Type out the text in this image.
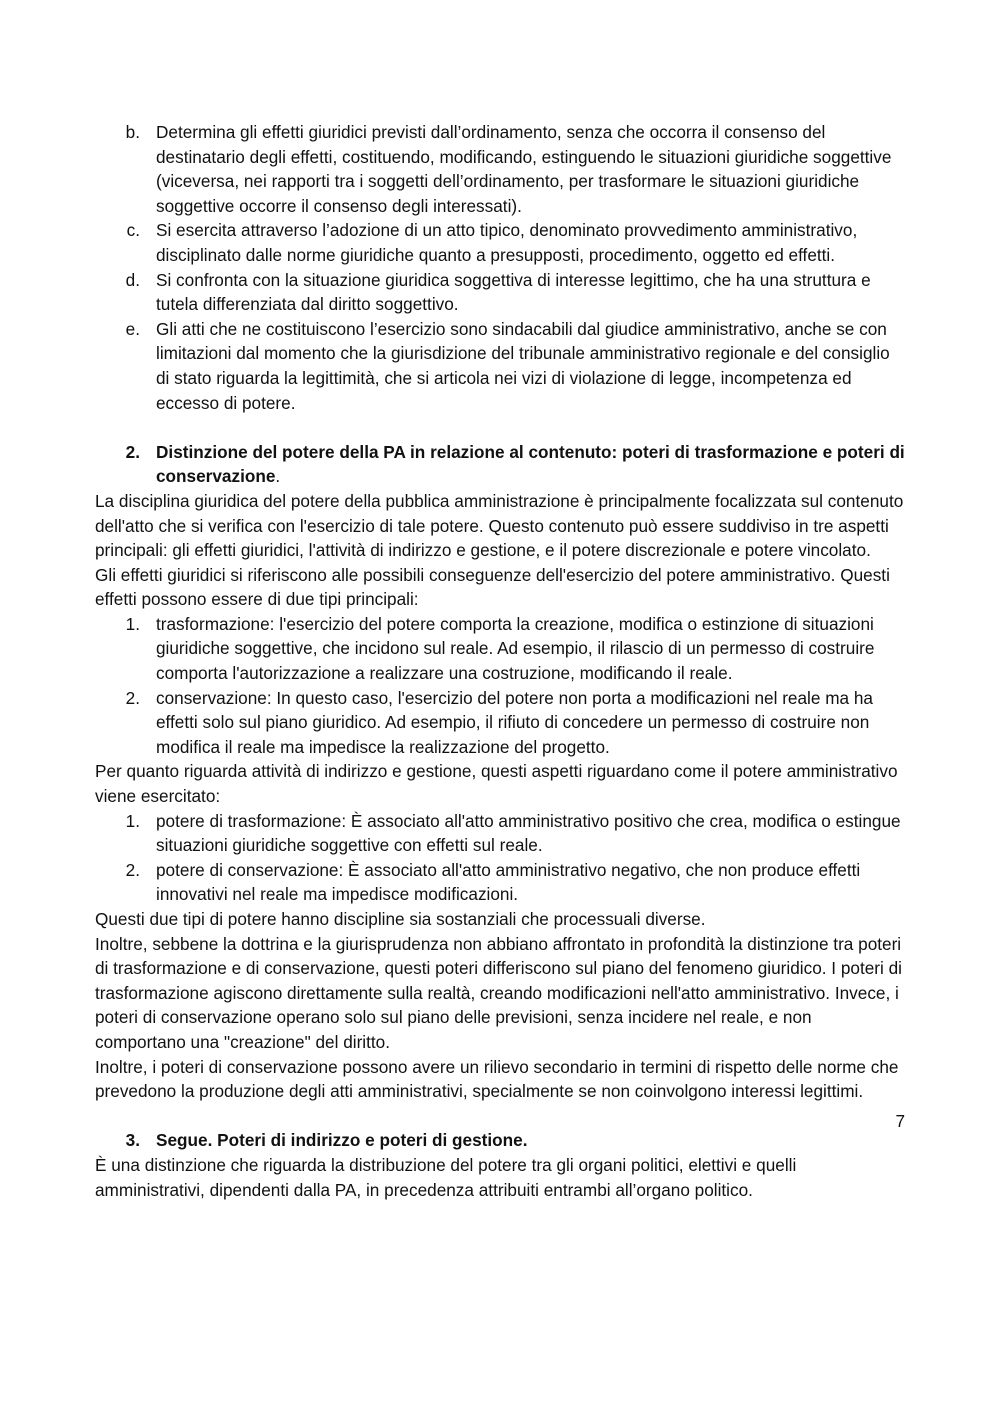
b. Determina gli effetti giuridici previsti dall’ordinamento, senza che occorra il consenso del destinatario degli effetti, costituendo, modificando, estinguendo le situazioni giuridiche soggettive (viceversa, nei rapporti tra i soggetti dell’ordinamento, per trasformare le situazioni giuridiche soggettive occorre il consenso degli interessati).
c. Si esercita attraverso l’adozione di un atto tipico, denominato provvedimento amministrativo, disciplinato dalle norme giuridiche quanto a presupposti, procedimento, oggetto ed effetti.
d. Si confronta con la situazione giuridica soggettiva di interesse legittimo, che ha una struttura e tutela differenziata dal diritto soggettivo.
e. Gli atti che ne costituiscono l’esercizio sono sindacabili dal giudice amministrativo, anche se con limitazioni dal momento che la giurisdizione del tribunale amministrativo regionale e del consiglio di stato riguarda la legittimità, che si articola nei vizi di violazione di legge, incompetenza ed eccesso di potere.
2. Distinzione del potere della PA in relazione al contenuto: poteri di trasformazione e poteri di conservazione.

La disciplina giuridica del potere della pubblica amministrazione è principalmente focalizzata sul contenuto dell'atto che si verifica con l'esercizio di tale potere. Questo contenuto può essere suddiviso in tre aspetti principali: gli effetti giuridici, l'attività di indirizzo e gestione, e il potere discrezionale e potere vincolato.

Gli effetti giuridici si riferiscono alle possibili conseguenze dell'esercizio del potere amministrativo. Questi effetti possono essere di due tipi principali:

1. trasformazione: l'esercizio del potere comporta la creazione, modifica o estinzione di situazioni giuridiche soggettive, che incidono sul reale. Ad esempio, il rilascio di un permesso di costruire comporta l'autorizzazione a realizzare una costruzione, modificando il reale.
2. conservazione: In questo caso, l'esercizio del potere non porta a modificazioni nel reale ma ha effetti solo sul piano giuridico. Ad esempio, il rifiuto di concedere un permesso di costruire non modifica il reale ma impedisce la realizzazione del progetto.

Per quanto riguarda attività di indirizzo e gestione, questi aspetti riguardano come il potere amministrativo viene esercitato:

1. potere di trasformazione: È associato all'atto amministrativo positivo che crea, modifica o estingue situazioni giuridiche soggettive con effetti sul reale.
2. potere di conservazione: È associato all'atto amministrativo negativo, che non produce effetti innovativi nel reale ma impedisce modificazioni.

Questi due tipi di potere hanno discipline sia sostanziali che processuali diverse.

Inoltre, sebbene la dottrina e la giurisprudenza non abbiano affrontato in profondità la distinzione tra poteri di trasformazione e di conservazione, questi poteri differiscono sul piano del fenomeno giuridico. I poteri di trasformazione agiscono direttamente sulla realtà, creando modificazioni nell'atto amministrativo. Invece, i poteri di conservazione operano solo sul piano delle previsioni, senza incidere nel reale, e non comportano una "creazione" del diritto.

Inoltre, i poteri di conservazione possono avere un rilievo secondario in termini di rispetto delle norme che prevedono la produzione degli atti amministrativi, specialmente se non coinvolgono interessi legittimi.

3. Segue. Poteri di indirizzo e poteri di gestione.

È una distinzione che riguarda la distribuzione del potere tra gli organi politici, elettivi e quelli amministrativi, dipendenti dalla PA, in precedenza attribuiti entrambi all’organo politico.

7
